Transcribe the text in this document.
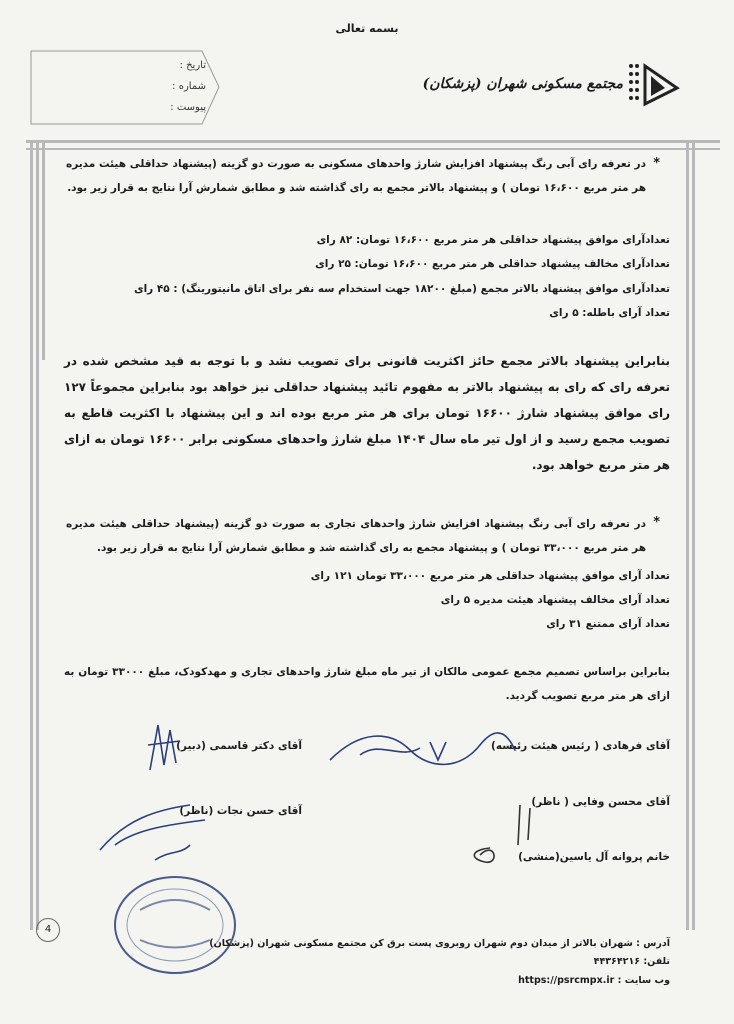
بسمه تعالی
تاریخ :
شماره :
پیوست :
مجتمع مسکونی شهران (پزشکان)
*
در تعرفه رای آبی رنگ پیشنهاد افزایش شارژ واحدهای مسکونی به صورت دو گزینه (پیشنهاد حداقلی هیئت مدیره هر متر مربع ۱۶،۶۰۰ تومان ) و پیشنهاد بالاتر مجمع به رای گذاشته شد و مطابق شمارش آرا نتایج به قرار زیر بود.
تعدادآرای موافق پیشنهاد حداقلی هر متر مربع ۱۶،۶۰۰ تومان: ۸۲ رای
تعدادآرای مخالف پیشنهاد حداقلی هر متر مربع ۱۶،۶۰۰ تومان: ۲۵ رای
تعدادآرای موافق پیشنهاد بالاتر مجمع (مبلغ ۱۸۲۰۰ جهت استخدام سه نفر برای اتاق مانیتورینگ) : ۴۵ رای
تعداد آرای باطله: ۵ رای
بنابراین پیشنهاد بالاتر مجمع حائز اکثریت قانونی برای تصویب نشد و با توجه به قید مشخص شده در تعرفه رای که رای به پیشنهاد بالاتر به مفهوم تائید پیشنهاد حداقلی نیز خواهد بود بنابراین مجموعاً ۱۲۷ رای موافق پیشنهاد شارژ ۱۶۶۰۰ تومان برای هر متر مربع بوده اند و این پیشنهاد با اکثریت قاطع به تصویب مجمع رسید و از اول تیر ماه سال ۱۴۰۴ مبلغ شارژ واحدهای مسکونی برابر ۱۶۶۰۰ تومان به ازای هر متر مربع خواهد بود.
*
در تعرفه رای آبی رنگ پیشنهاد افزایش شارژ واحدهای تجاری به صورت دو گزینه (پیشنهاد حداقلی هیئت مدیره هر متر مربع ۳۳،۰۰۰ تومان ) و پیشنهاد مجمع به رای گذاشته شد و مطابق شمارش آرا نتایج به قرار زیر بود.
تعداد آرای موافق پیشنهاد حداقلی هر متر مربع ۳۳،۰۰۰ تومان ۱۲۱ رای
تعداد آرای مخالف پیشنهاد هیئت مدیره ۵ رای
تعداد آرای ممتنع ۳۱ رای
بنابراین براساس تصمیم مجمع عمومی مالکان از تیر ماه مبلغ شارژ واحدهای تجاری و مهدکودک، مبلغ ۳۳۰۰۰ تومان به ازای هر متر مربع تصویب گردید.
آقای فرهادی ( رئیس هیئت رئیسه)
آقای دکتر قاسمی (دبیر)
آقای محسن وفایی ( ناظر)
آقای حسن نجات (ناظر)
خانم پروانه آل یاسین(منشی)
4
آدرس : شهران بالاتر از میدان دوم شهران روبروی پست برق کن مجتمع مسکونی شهران (پزشکان)
تلفن: ۴۴۳۶۴۲۱۶
وب سایت : https://psrcmpx.ir
